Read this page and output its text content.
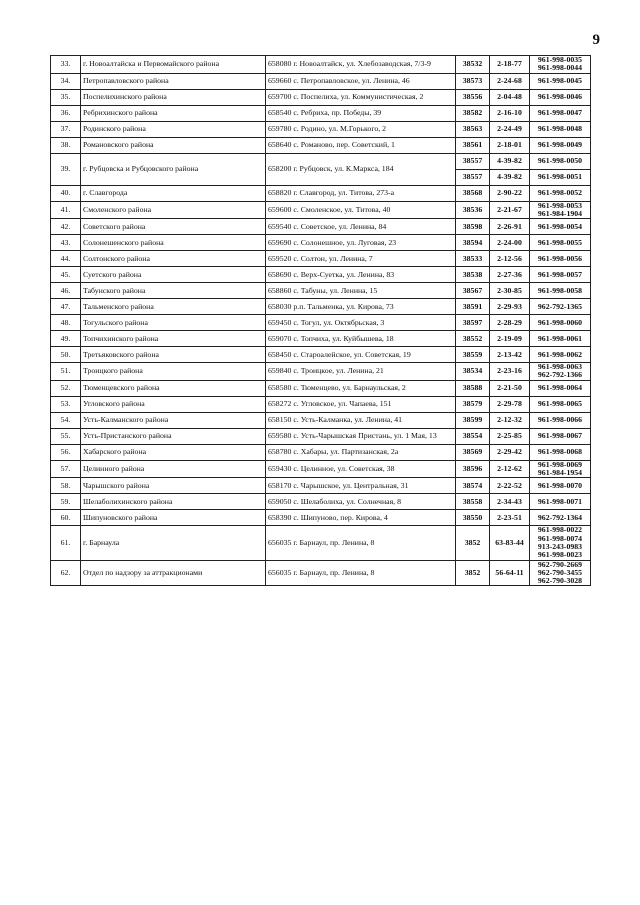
9
33.	г. Новоалтайска и Первомайского района	658080 г. Новоалтайск, ул. Хлебозаводская, 7/3-9	38532	2-18-77	961-998-0035
961-998-0044

34.	Петропавловского района	659660 с. Петропавловское, ул. Ленина, 46	38573	2-24-68	961-998-0045

35.	Поспелихинского района	659700 с. Поспелиха, ул. Коммунистическая, 2	38556	2-04-48	961-998-0046

36.	Ребрихинского района	658540 с. Ребриха, пр. Победы, 39	38582	2-16-10	961-998-0047

37.	Родинского района	659780 с. Родино, ул. М.Горького, 2	38563	2-24-49	961-998-0048

38.	Романовского района	658640 с. Романово, пер. Советский, 1	38561	2-18-01	961-998-0049

39.	г. Рубцовска и Рубцовского района	658200 г. Рубцовск, ул. К.Маркса, 184	38557	4-39-82	961-998-0050

			38557	4-39-82	961-998-0051

40.	г. Славгорода	658820 г. Славгород, ул. Титова, 273-а	38568	2-90-22	961-998-0052

41.	Смоленского района	659600 с. Смоленское, ул. Титова, 40	38536	2-21-67	961-998-0053
961-984-1904

42.	Советского района	659540 с. Советское, ул. Ленина, 84	38598	2-26-91	961-998-0054

43.	Солонешенского района	659690 с. Солонешное, ул. Луговая, 23	38594	2-24-00	961-998-0055

44.	Солтонского района	659520 с. Солтон, ул. Ленина, 7	38533	2-12-56	961-998-0056

45.	Суетского района	658690 с. Верх-Суетка, ул. Ленина, 83	38538	2-27-36	961-998-0057

46.	Табунского района	658860 с. Табуны, ул. Ленина, 15	38567	2-30-85	961-998-0058

47.	Тальменского района	658030 р.п. Тальменка, ул. Кирова, 73	38591	2-29-93	962-792-1365

48.	Тогульского района	659450 с. Тогул, ул. Октябрьская, 3	38597	2-28-29	961-998-0060

49.	Топчихинского района	659070 с. Топчиха, ул. Куйбышева, 18	38552	2-19-09	961-998-0061

50.	Третьяковского района	658450 с. Староалейское, ул. Советская, 19	38559	2-13-42	961-998-0062

51.	Троицкого района	659840 с. Троицкое, ул. Ленина, 21	38534	2-23-16	961-998-0063
962-792-1366

52.	Тюменцевского района	658580 с. Тюменцево, ул. Барнаульская, 2	38588	2-21-50	961-998-0064

53.	Угловского района	658272 с. Угловское, ул. Чапаева, 151	38579	2-29-78	961-998-0065

54.	Усть-Калманского района	658150 с. Усть-Калманка, ул. Ленина, 41	38599	2-12-32	961-998-0066

55.	Усть-Пристанского района	659580 с. Усть-Чарышская Пристань, ул. 1 Мая, 13	38554	2-25-85	961-998-0067

56.	Хабарского района	658780 с. Хабары, ул. Партизанская, 2а	38569	2-29-42	961-998-0068

57.	Целинного района	659430 с. Целинное, ул. Советская, 38	38596	2-12-62	961-998-0069
961-984-1954

58.	Чарышского района	658170 с. Чарышское, ул. Центральная, 31	38574	2-22-52	961-998-0070

59.	Шелаболихинского района	659050 с. Шелаболиха, ул. Солнечная, 8	38558	2-34-43	961-998-0071

60.	Шипуновского района	658390 с. Шипуново, пер. Кирова, 4	38550	2-23-51	962-792-1364

61.	г. Барнаула	656035 г. Барнаул, пр. Ленина, 8	3852	63-83-44	961-998-0022
961-998-0074
913-243-0983
961-998-0023

62.	Отдел по надзору за аттракционами	656035 г. Барнаул, пр. Ленина, 8	3852	56-64-11	962-790-2669
962-790-3455
962-790-3028
